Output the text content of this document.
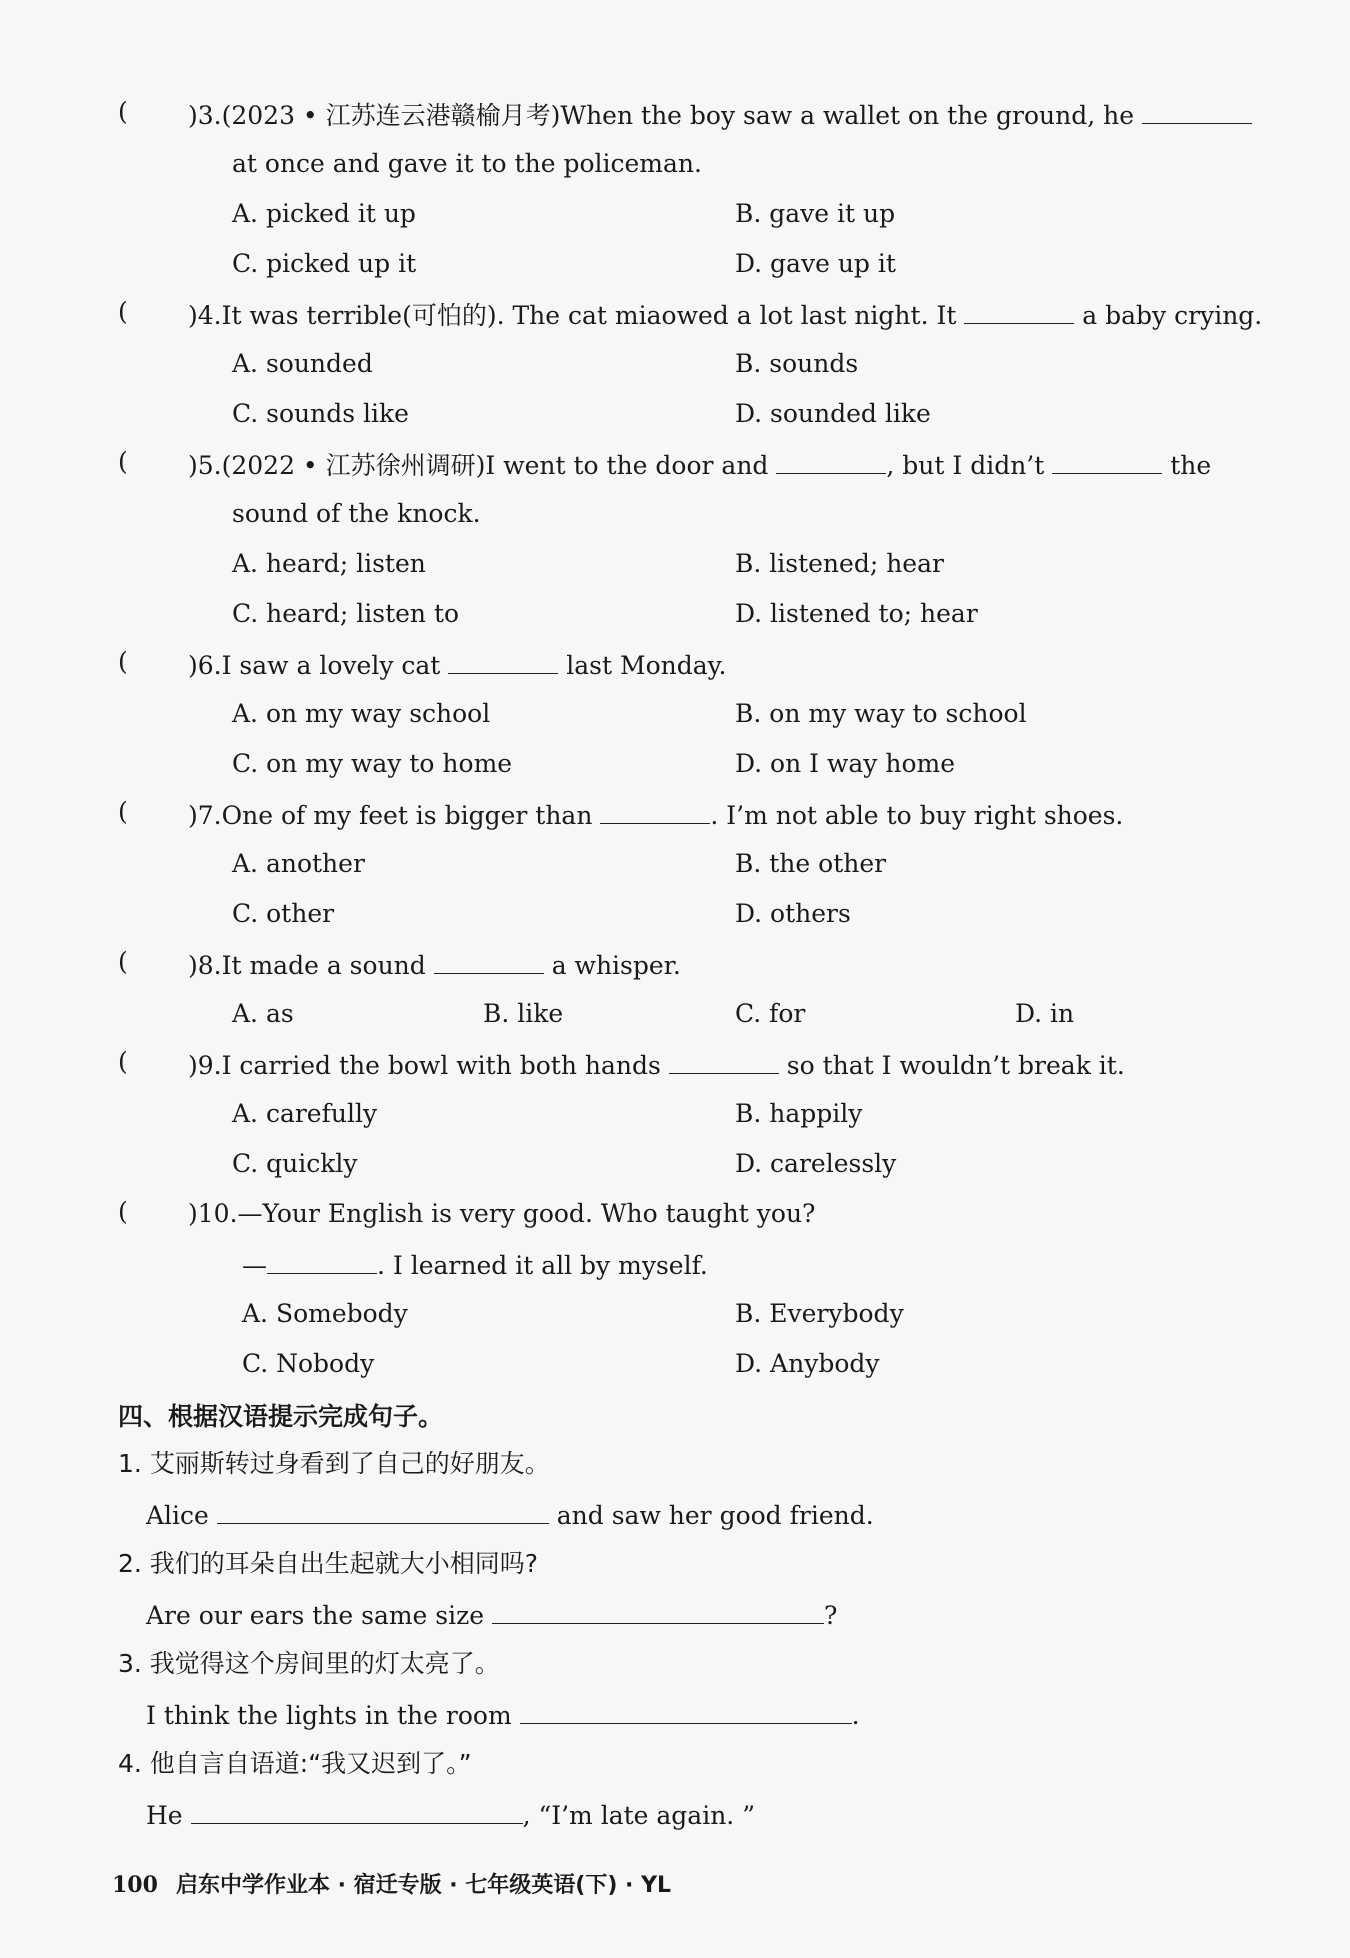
( )3.(2023 • 江苏连云港赣榆月考)When the boy saw a wallet on the ground, he
at once and gave it to the policeman.
A. picked it up	B. gave it up
C. picked up it	D. gave up it
( )4.It was terrible(可怕的). The cat miaowed a lot last night. It	a baby crying.
A. sounded	B. sounds
C. sounds like	D. sounded like
( )5.(2022 • 江苏徐州调研)I went to the door and	, but I didn’t	the
sound of the knock.
A. heard; listen	B. listened; hear
C. heard; listen to	D. listened to; hear
( )6.I saw a lovely cat	last Monday.
A. on my way school	B. on my way to school
C. on my way to home	D. on I way home
( )7.One of my feet is bigger than	. I’m not able to buy right shoes.
A. another	B. the other
C. other	D. others
( )8.It made a sound	a whisper.
A. as	B. like	C. for	D. in
( )9.I carried the bowl with both hands	so that I wouldn’t break it.
A. carefully	B. happily
C. quickly	D. carelessly
( )10.—Your English is very good. Who taught you?
—	. I learned it all by myself.
A. Somebody	B. Everybody
C. Nobody	D. Anybody
四、根据汉语提示完成句子。
1. 艾丽斯转过身看到了自己的好朋友。
Alice	and saw her good friend.
2. 我们的耳朵自出生起就大小相同吗?
Are our ears the same size	?
3. 我觉得这个房间里的灯太亮了。
I think the lights in the room	.
4. 他自言自语道:“我又迟到了。”
He	, “I’m late again. ”
100 启东中学作业本 · 宿迁专版 · 七年级英语(下) · YL
